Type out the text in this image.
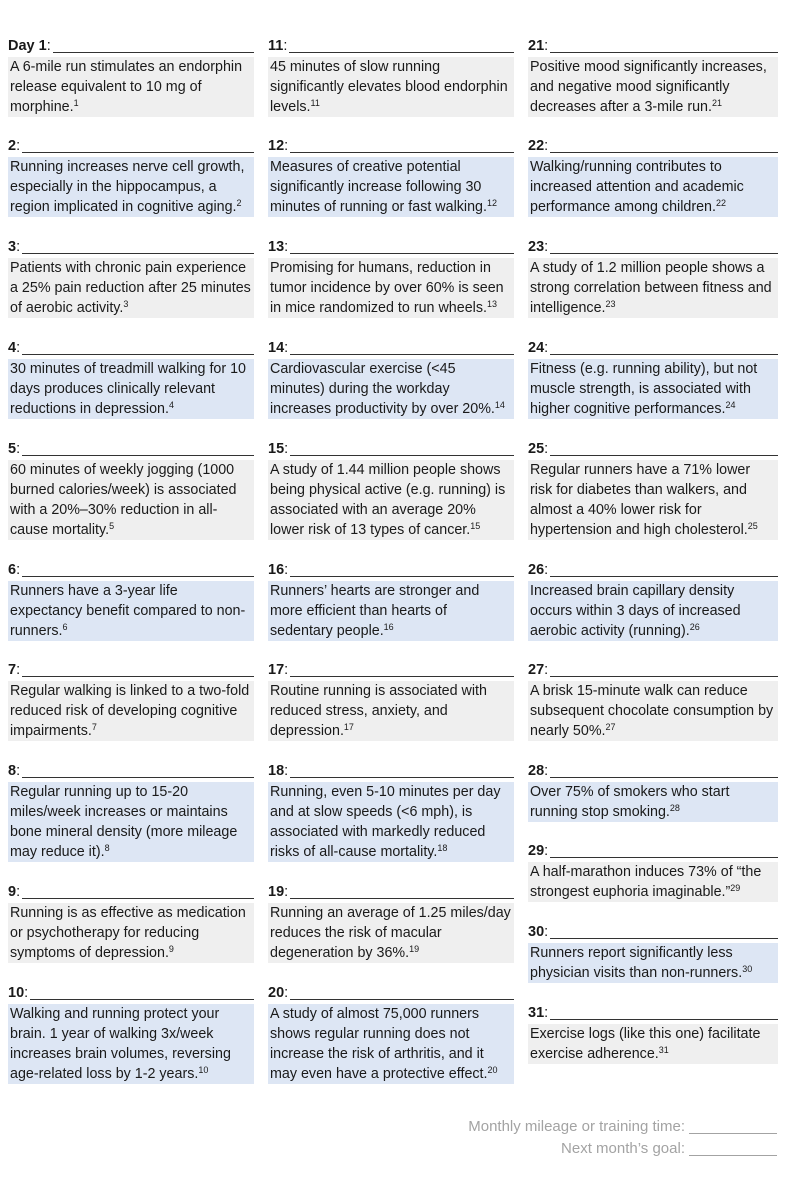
Day 1:
A 6-mile run stimulates an endorphin release equivalent to 10 mg of morphine.$^1$
2:
Running increases nerve cell growth, especially in the hippocampus, a region implicated in cognitive aging.$^2$
3:
Patients with chronic pain experience a 25% pain reduction after 25 minutes of aerobic activity.$^3$
4:
30 minutes of treadmill walking for 10 days produces clinically relevant reductions in depression.$^4$
5:
60 minutes of weekly jogging (1000 burned calories/week) is associated with a 20%–30% reduction in all-cause mortality.$^5$
6:
Runners have a 3-year life expectancy benefit compared to non-runners.$^6$
7:
Regular walking is linked to a two-fold reduced risk of developing cognitive impairments.$^7$
8:
Regular running up to 15-20 miles/week increases or maintains bone mineral density (more mileage may reduce it).$^8$
9:
Running is as effective as medication or psychotherapy for reducing symptoms of depression.$^9$
10:
Walking and running protect your brain. 1 year of walking 3x/week increases brain volumes, reversing age-related loss by 1-2 years.$^{10}$
11:
45 minutes of slow running significantly elevates blood endorphin levels.$^{11}$
12:
Measures of creative potential significantly increase following 30 minutes of running or fast walking.$^{12}$
13:
Promising for humans, reduction in tumor incidence by over 60% is seen in mice randomized to run wheels.$^{13}$
14:
Cardiovascular exercise (<45 minutes) during the workday increases productivity by over 20%.$^{14}$
15:
A study of 1.44 million people shows being physical active (e.g. running) is associated with an average 20% lower risk of 13 types of cancer.$^{15}$
16:
Runners’ hearts are stronger and more efficient than hearts of sedentary people.$^{16}$
17:
Routine running is associated with reduced stress, anxiety, and depression.$^{17}$
18:
Running, even 5-10 minutes per day and at slow speeds (<6 mph), is associated with markedly reduced risks of all-cause mortality.$^{18}$
19:
Running an average of 1.25 miles/day reduces the risk of macular degeneration by 36%.$^{19}$
20:
A study of almost 75,000 runners shows regular running does not increase the risk of arthritis, and it may even have a protective effect.$^{20}$
21:
Positive mood significantly increases, and negative mood significantly decreases after a 3-mile run.$^{21}$
22:
Walking/running contributes to increased attention and academic performance among children.$^{22}$
23:
A study of 1.2 million people shows a strong correlation between fitness and intelligence.$^{23}$
24:
Fitness (e.g. running ability), but not muscle strength, is associated with higher cognitive performances.$^{24}$
25:
Regular runners have a 71% lower risk for diabetes than walkers, and almost a 40% lower risk for hypertension and high cholesterol.$^{25}$
26:
Increased brain capillary density occurs within 3 days of increased aerobic activity (running).$^{26}$
27:
A brisk 15-minute walk can reduce subsequent chocolate consumption by nearly 50%.$^{27}$
28:
Over 75% of smokers who start running stop smoking.$^{28}$
29:
A half-marathon induces 73% of “the strongest euphoria imaginable.”$^{29}$
30:
Runners report significantly less physician visits than non-runners.$^{30}$
31:
Exercise logs (like this one) facilitate exercise adherence.$^{31}$
Monthly mileage or training time:
Next month’s goal:
